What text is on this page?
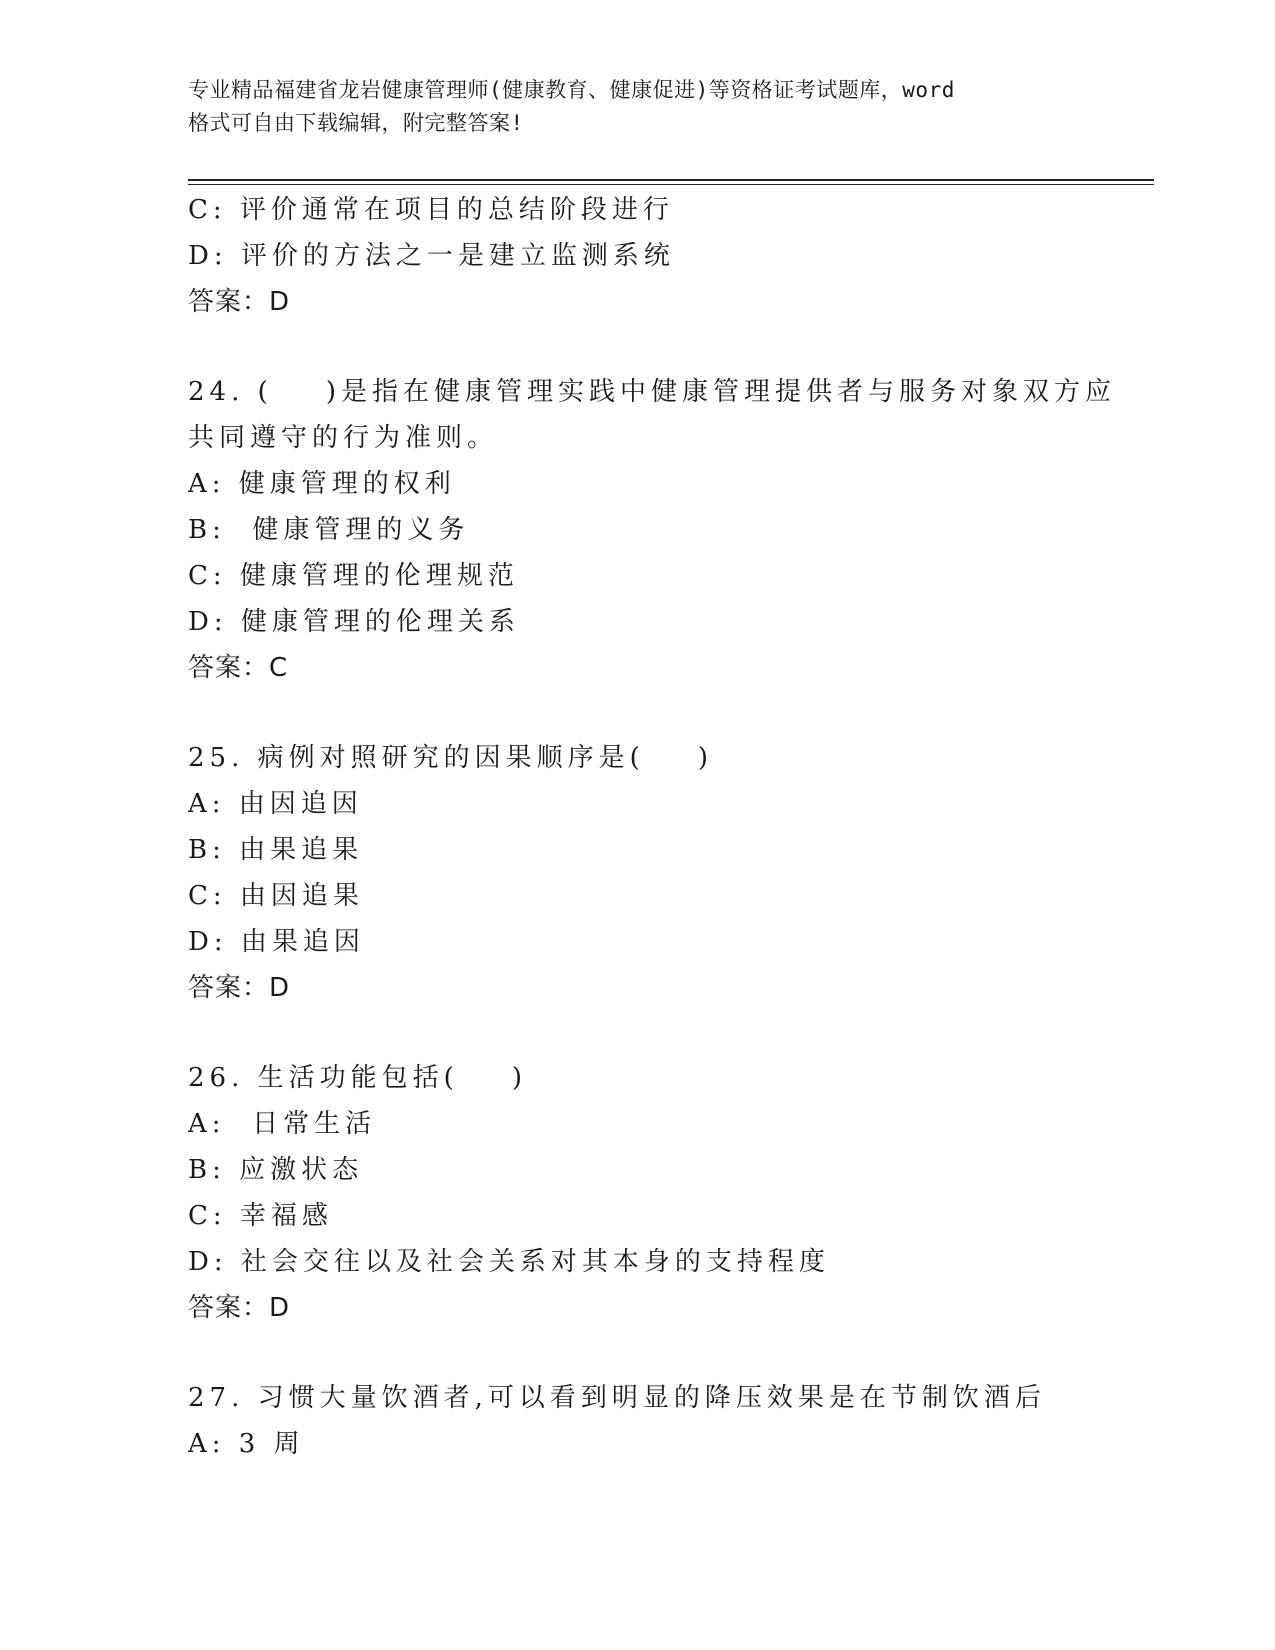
专业精品福建省龙岩健康管理师(健康教育、健康促进)等资格证考试题库，word
格式可自由下载编辑，附完整答案!
C: 评价通常在项目的总结阶段进行
D: 评价的方法之一是建立监测系统
答案：D
24. (    )是指在健康管理实践中健康管理提供者与服务对象双方应
共同遵守的行为准则。
A: 健康管理的权利
B:  健康管理的义务
C: 健康管理的伦理规范
D: 健康管理的伦理关系
答案：C
25. 病例对照研究的因果顺序是(    )
A: 由因追因
B: 由果追果
C: 由因追果
D: 由果追因
答案：D
26. 生活功能包括(    )
A:  日常生活
B: 应激状态
C: 幸福感
D: 社会交往以及社会关系对其本身的支持程度
答案：D
27. 习惯大量饮酒者,可以看到明显的降压效果是在节制饮酒后
A: 3 周
